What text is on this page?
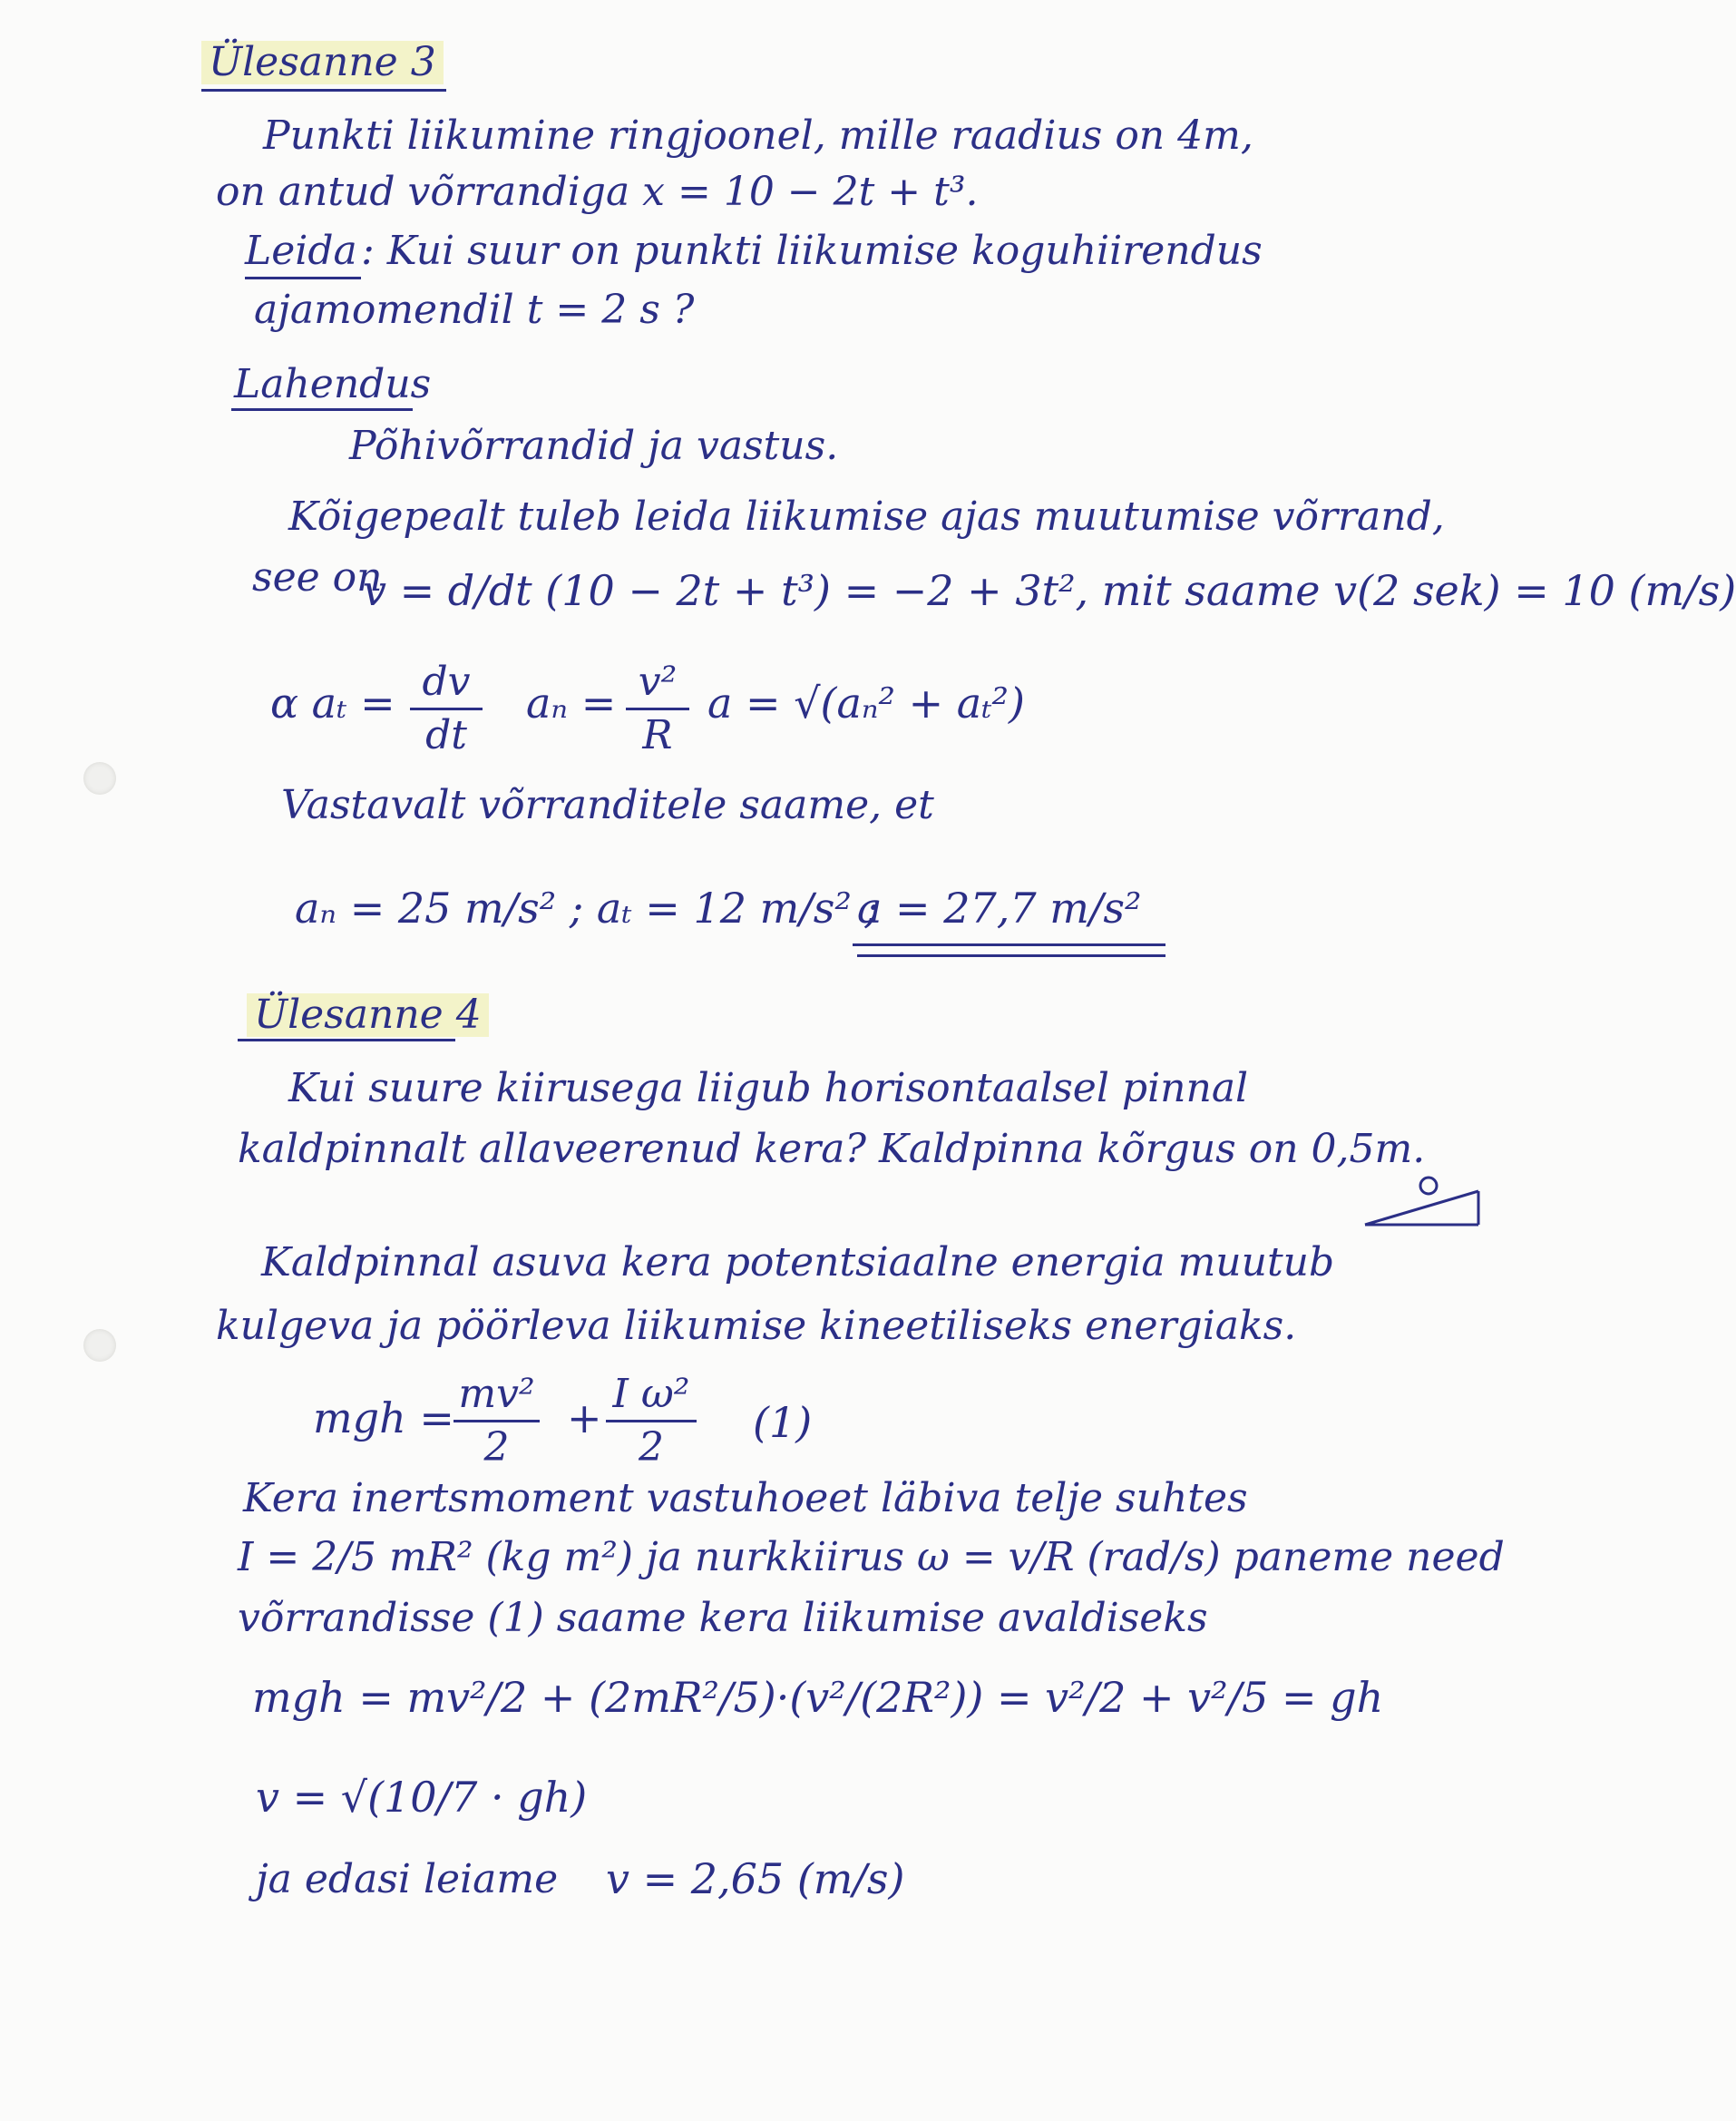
Ülesanne 3
Punkti liikumine ringjoonel, mille raadius on 4m,
on antud võrrandiga x = 10 − 2t + t³.
Leida : Kui suur on punkti liikumise koguhiirendus
ajamomendil t = 2 s ?
Lahendus
Põhivõrrandid ja vastus.
Kõigepealt tuleb leida liikumise ajas muutumise võrrand,
see on
v = d/dt (10 − 2t + t³) = −2 + 3t², mit saame v(2 sek) = 10 (m/s)
α aₜ = dv
dt
aₙ = v²
R
a = √(aₙ² + aₜ²)
Vastavalt võrranditele saame, et
aₙ = 25 m/s² ; aₜ = 12 m/s² ;
a = 27,7 m/s²
Ülesanne 4
Kui suure kiirusega liigub horisontaalsel pinnal
kaldpinnalt allaveerenud kera? Kaldpinna kõrgus on 0,5m.
Kaldpinnal asuva kera potentsiaalne energia muutub
kulgeva ja pöörleva liikumise kineetiliseks energiaks.
mgh = mv²
2
+ I ω²
2
(1)
Kera inertsmoment vastuhoeet läbiva telje suhtes
I = 2/5 mR² (kg m²) ja nurkkiirus ω = v/R (rad/s) paneme need
võrrandisse (1) saame kera liikumise avaldiseks
mgh = mv²/2 + (2mR²/5)·(v²/(2R²)) = v²/2 + v²/5 = gh
v = √(10/7 · gh)
ja edasi leiame v = 2,65 (m/s)
